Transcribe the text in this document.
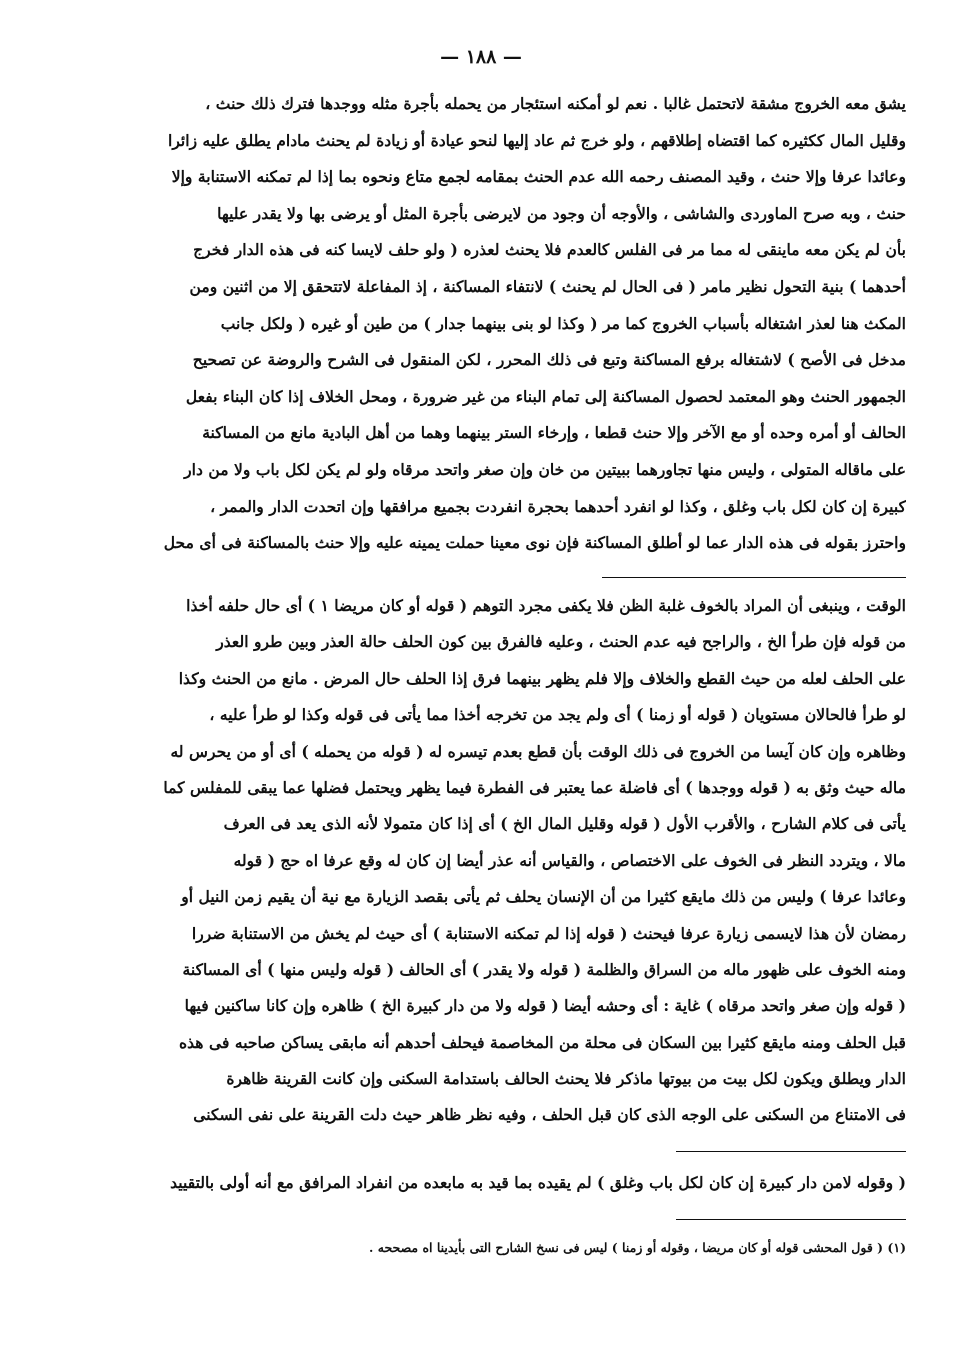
— ١٨٨ —
يشق معه الخروج مشقة لاتحتمل غالبا . نعم لو أمكنه استئجار من يحمله بأجرة مثله ووجدها فترك ذلك حنث ،
وقليل المال ككثيره كما اقتضاه إطلاقهم ، ولو خرج ثم عاد إليها لنحو عيادة أو زيادة لم يحنث مادام يطلق عليه زائرا
وعائدا عرفا وإلا حنث ، وقيد المصنف رحمه الله عدم الحنث بمقامه لجمع متاع ونحوه بما إذا لم تمكنه الاستنابة وإلا
حنث ، وبه صرح الماوردى والشاشى ، والأوجه أن وجود من لايرضى بأجرة المثل أو يرضى بها ولا يقدر عليها
بأن لم يكن معه ماينقى له مما مر فى الفلس كالعدم فلا يحنث لعذره ( ولو حلف لايسا كنه فى هذه الدار فخرج
أحدهما ) بنية التحول نظير مامر ( فى الحال لم يحنث ) لانتفاء المساكنة ، إذ المفاعلة لاتتحقق إلا من اثنين ومن
المكث هنا لعذر اشتغاله بأسباب الخروج كما مر ( وكذا لو بنى بينهما جدار ) من طين أو غيره ( ولكل جانب
مدخل فى الأصح ) لاشتغاله برفع المساكنة وتبع فى ذلك المحرر ، لكن المنقول فى الشرح والروضة عن تصحيح
الجمهور الحنث وهو المعتمد لحصول المساكنة إلى تمام البناء من غير ضرورة ، ومحل الخلاف إذا كان البناء بفعل
الحالف أو أمره وحده أو مع الآخر وإلا حنث قطعا ، وإرخاء الستر بينهما وهما من أهل البادية مانع من المساكنة
على ماقاله المتولى ، وليس منها تجاورهما ببيتين من خان وإن صغر واتحد مرقاه ولو لم يكن لكل باب ولا من دار
كبيرة إن كان لكل باب وغلق ، وكذا لو انفرد أحدهما بحجرة انفردت بجميع مرافقها وإن اتحدت الدار والممر ،
واحترز بقوله فى هذه الدار عما لو أطلق المساكنة فإن نوى معينا حملت يمينه عليه وإلا حنث بالمساكنة فى أى محل
الوقت ، وينبغى أن المراد بالخوف غلبة الظن فلا يكفى مجرد التوهم ( قوله أو كان مريضا ١ ) أى حال حلفه أخذا
من قوله فإن طرأ الخ ، والراجح فيه عدم الحنث ، وعليه فالفرق بين كون الحلف حالة العذر وبين طرو العذر
على الحلف لعله من حيث القطع والخلاف وإلا فلم يظهر بينهما فرق إذا الحلف حال المرض . مانع من الحنث وكذا
لو طرأ فالحالان مستويان ( قوله أو زمنا ) أى ولم يجد من تخرجه أخذا مما يأتى فى قوله وكذا لو طرأ عليه ،
وظاهره وإن كان آيسا من الخروج فى ذلك الوقت بأن قطع بعدم تيسره له ( قوله من يحمله ) أى أو من يحرس له
ماله حيث وثق به ( قوله ووجدها ) أى فاضلة عما يعتبر فى الفطرة فيما يظهر ويحتمل فضلها عما يبقى للمفلس كما
يأتى فى كلام الشارح ، والأقرب الأول ( قوله وقليل المال الخ ) أى إذا كان متمولا لأنه الذى يعد فى العرف
مالا ، ويتردد النظر فى الخوف على الاختصاص ، والقياس أنه عذر أيضا إن كان له وقع عرفا اه حج ( قوله
وعائدا عرفا ) وليس من ذلك مايقع كثيرا من أن الإنسان يحلف ثم يأتى بقصد الزيارة مع نية أن يقيم زمن النيل أو
رمضان لأن هذا لايسمى زيارة عرفا فيحنث ( قوله إذا لم تمكنه الاستنابة ) أى حيث لم يخش من الاستنابة ضررا
ومنه الخوف على ظهور ماله من السراق والظلمة ( قوله ولا يقدر ) أى الحالف ( قوله وليس منها ) أى المساكنة
( قوله وإن صغر واتحد مرقاه ) غاية : أى وحشه أيضا ( قوله ولا من دار كبيرة الخ ) ظاهره وإن كانا ساكنين فيها
قبل الحلف ومنه مايقع كثيرا بين السكان فى محلة من المخاصمة فيحلف أحدهم أنه مابقى يساكن صاحبه فى هذه
الدار ويطلق ويكون لكل بيت من بيوتها ماذكر فلا يحنث الحالف باستدامة السكنى وإن كانت القرينة ظاهرة
فى الامتناع من السكنى على الوجه الذى كان قبل الحلف ، وفيه نظر ظاهر حيث دلت القرينة على نفى السكنى
( وقوله لامن دار كبيرة إن كان لكل باب وغلق ) لم يقيده بما قيد به مابعده من انفراد المرافق مع أنه أولى بالتقييد
(١) ( قول المحشى قوله أو كان مريضا ، وقوله أو زمنا ) ليس فى نسخ الشارح التى بأيدينا اه مصححه .
